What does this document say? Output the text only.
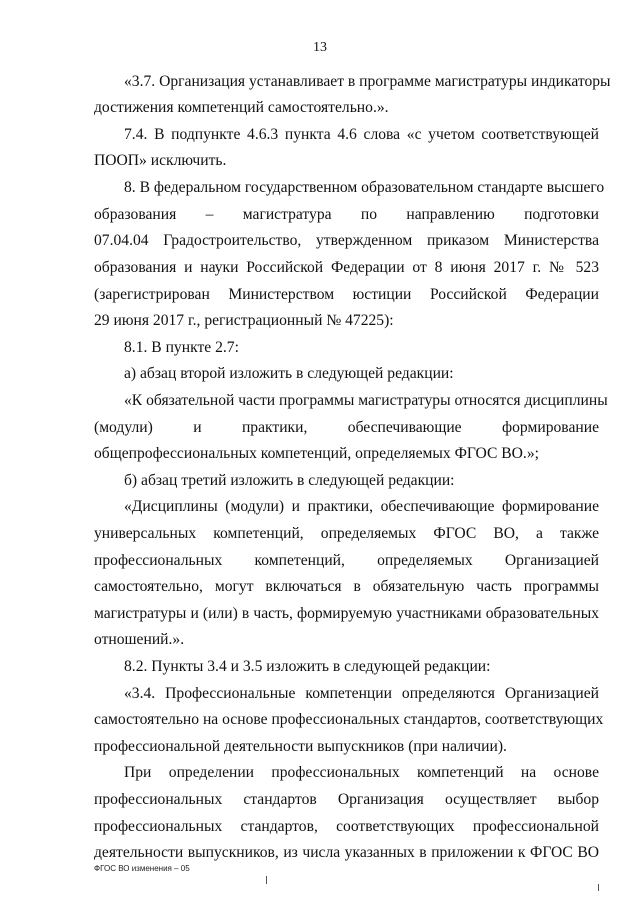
13
«3.7. Организация устанавливает в программе магистратуры индикаторы
достижения компетенций самостоятельно.».
7.4. В подпункте 4.6.3 пункта 4.6 слова «с учетом соответствующей
ПООП» исключить.
8. В федеральном государственном образовательном стандарте высшего
образования – магистратура по направлению подготовки
07.04.04 Градостроительство, утвержденном приказом Министерства
образования и науки Российской Федерации от 8 июня 2017 г. № 523
(зарегистрирован Министерством юстиции Российской Федерации
29 июня 2017 г., регистрационный № 47225):
8.1. В пункте 2.7:
а) абзац второй изложить в следующей редакции:
«К обязательной части программы магистратуры относятся дисциплины
(модули) и практики, обеспечивающие формирование
общепрофессиональных компетенций, определяемых ФГОС ВО.»;
б) абзац третий изложить в следующей редакции:
«Дисциплины (модули) и практики, обеспечивающие формирование
универсальных компетенций, определяемых ФГОС ВО, а также
профессиональных компетенций, определяемых Организацией
самостоятельно, могут включаться в обязательную часть программы
магистратуры и (или) в часть, формируемую участниками образовательных
отношений.».
8.2. Пункты 3.4 и 3.5 изложить в следующей редакции:
«3.4. Профессиональные компетенции определяются Организацией
самостоятельно на основе профессиональных стандартов, соответствующих
профессиональной деятельности выпускников (при наличии).
При определении профессиональных компетенций на основе
профессиональных стандартов Организация осуществляет выбор
профессиональных стандартов, соответствующих профессиональной
деятельности выпускников, из числа указанных в приложении к ФГОС ВО
ФГОС ВО изменения – 05
